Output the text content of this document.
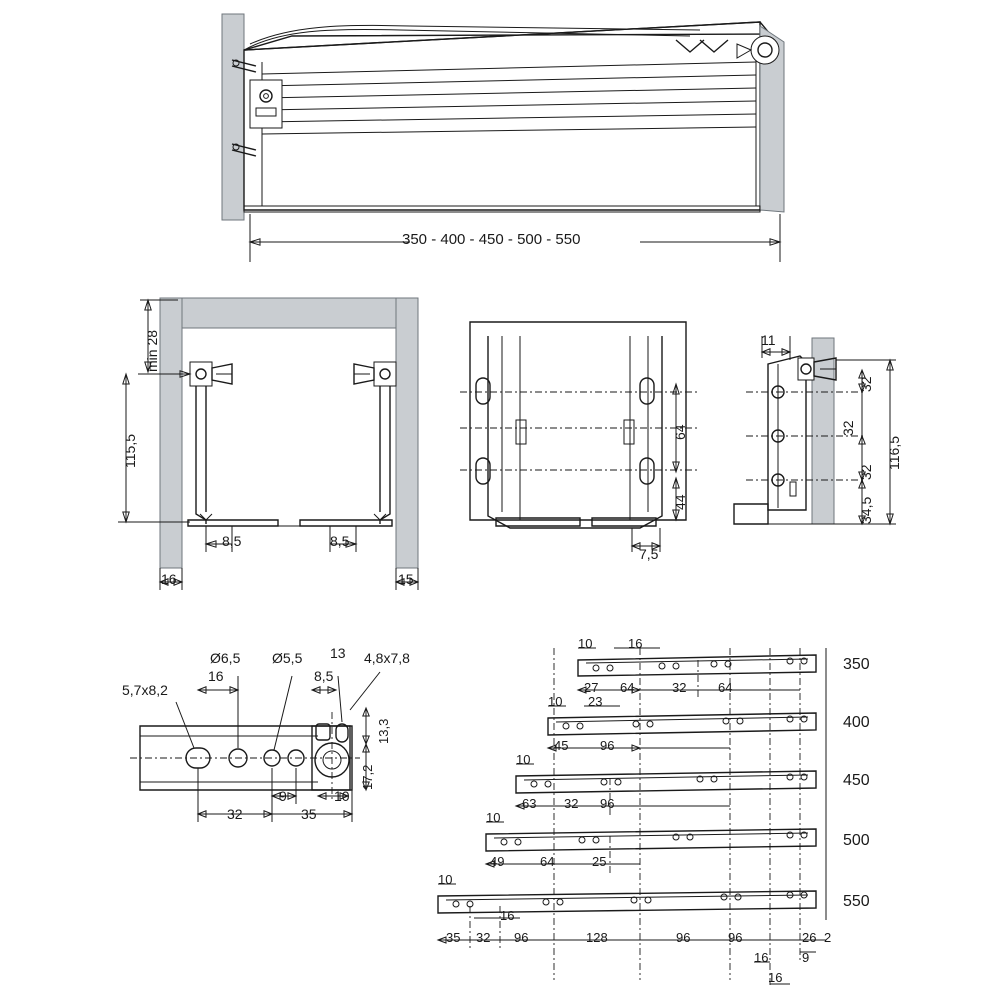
350 - 400 - 450 - 500 - 550
min 28
115,5
8,5	8,5
16	15
64
44
7,5
11
32
32
32
34,5
116,5
5,7x8,2
Ø6,5
16
Ø5,5 13
8,5
4,8x7,8
13,3
17,2
32
9
35
10
350
400
450
500
550
10	16
27 64	32 64
10 23
45 96
10
63 32 96
10
49	64	25
10
16
35 32 96	128	96	96	26 2
16	9
16
